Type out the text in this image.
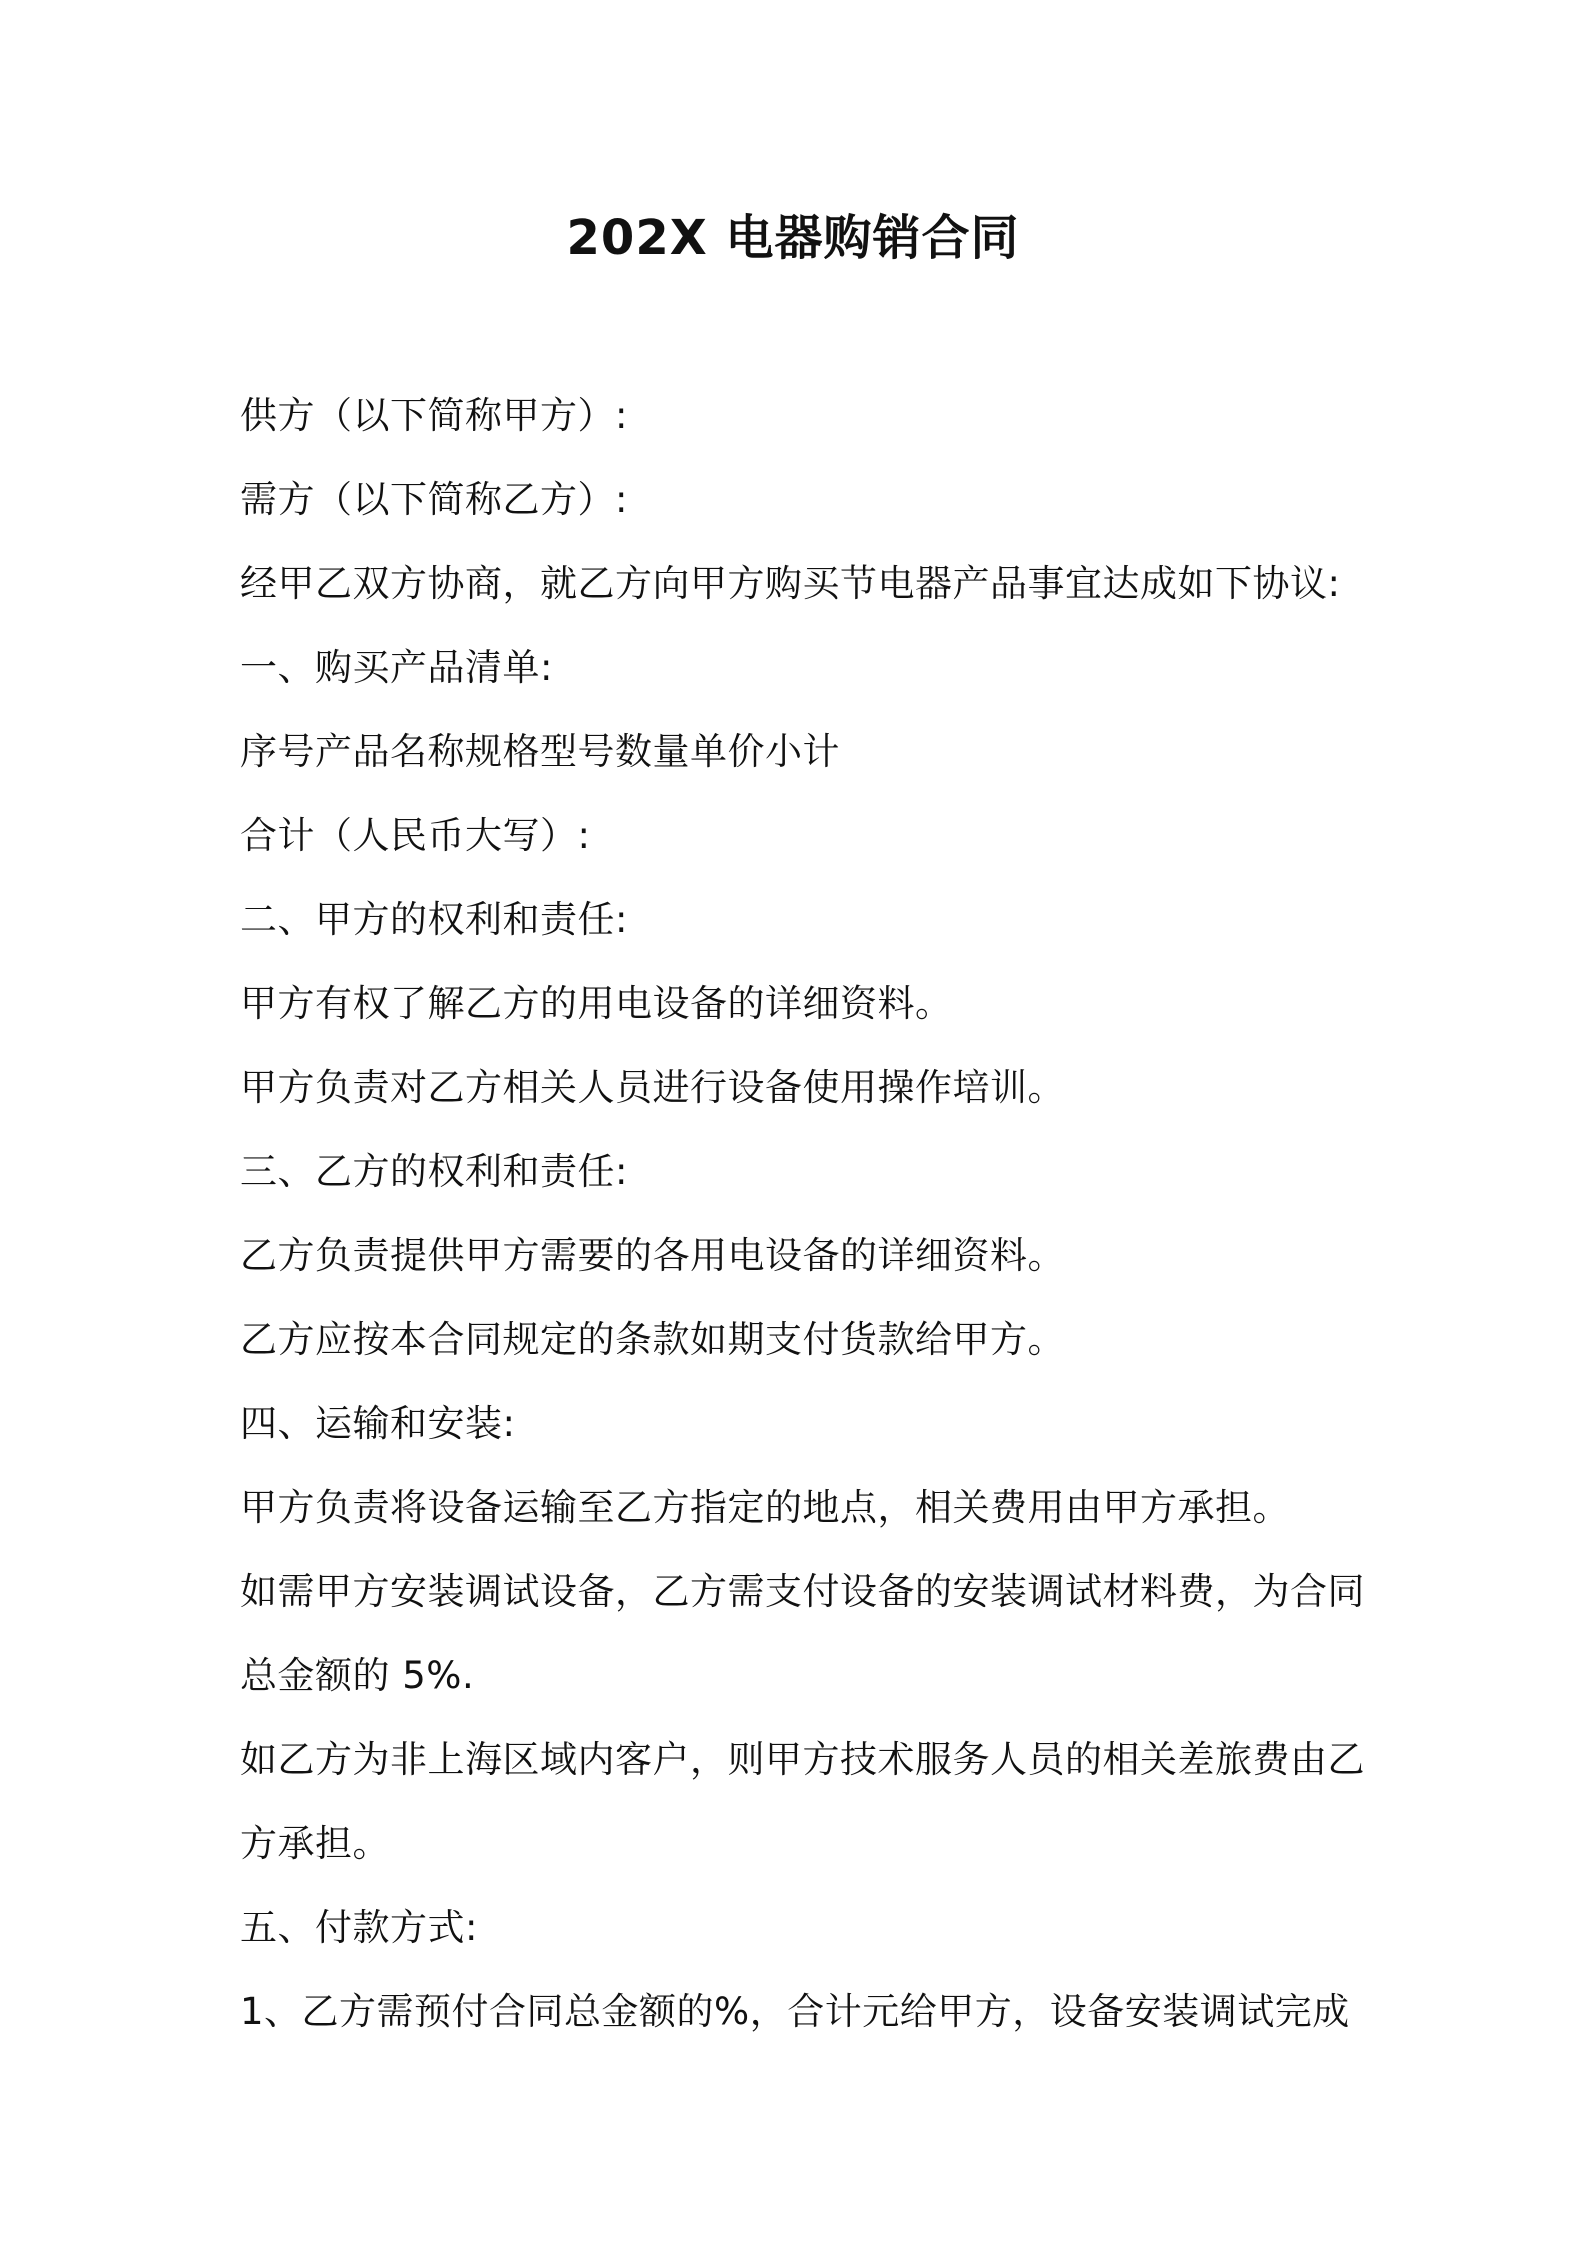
202X 电器购销合同
供方（以下简称甲方）:
需方（以下简称乙方）:
经甲乙双方协商，就乙方向甲方购买节电器产品事宜达成如下协议:
一、购买产品清单:
序号产品名称规格型号数量单价小计
合计（人民币大写）:
二、甲方的权利和责任:
甲方有权了解乙方的用电设备的详细资料。
甲方负责对乙方相关人员进行设备使用操作培训。
三、乙方的权利和责任:
乙方负责提供甲方需要的各用电设备的详细资料。
乙方应按本合同规定的条款如期支付货款给甲方。
四、运输和安装:
甲方负责将设备运输至乙方指定的地点，相关费用由甲方承担。
如需甲方安装调试设备，乙方需支付设备的安装调试材料费，为合同
总金额的 5%.
如乙方为非上海区域内客户，则甲方技术服务人员的相关差旅费由乙
方承担。
五、付款方式:
1、乙方需预付合同总金额的%，合计元给甲方，设备安装调试完成
